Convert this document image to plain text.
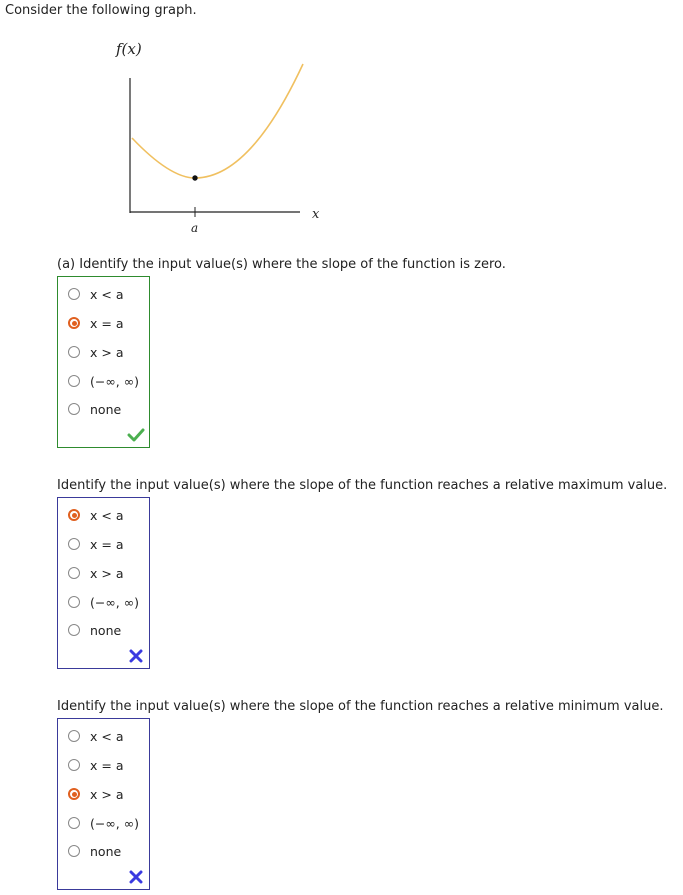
Consider the following graph.
f(x)
x
a
(a) Identify the input value(s) where the slope of the function is zero.
x < a
x = a
x > a
(−∞, ∞)
none
Identify the input value(s) where the slope of the function reaches a relative maximum value.
x < a
x = a
x > a
(−∞, ∞)
none
Identify the input value(s) where the slope of the function reaches a relative minimum value.
x < a
x = a
x > a
(−∞, ∞)
none
